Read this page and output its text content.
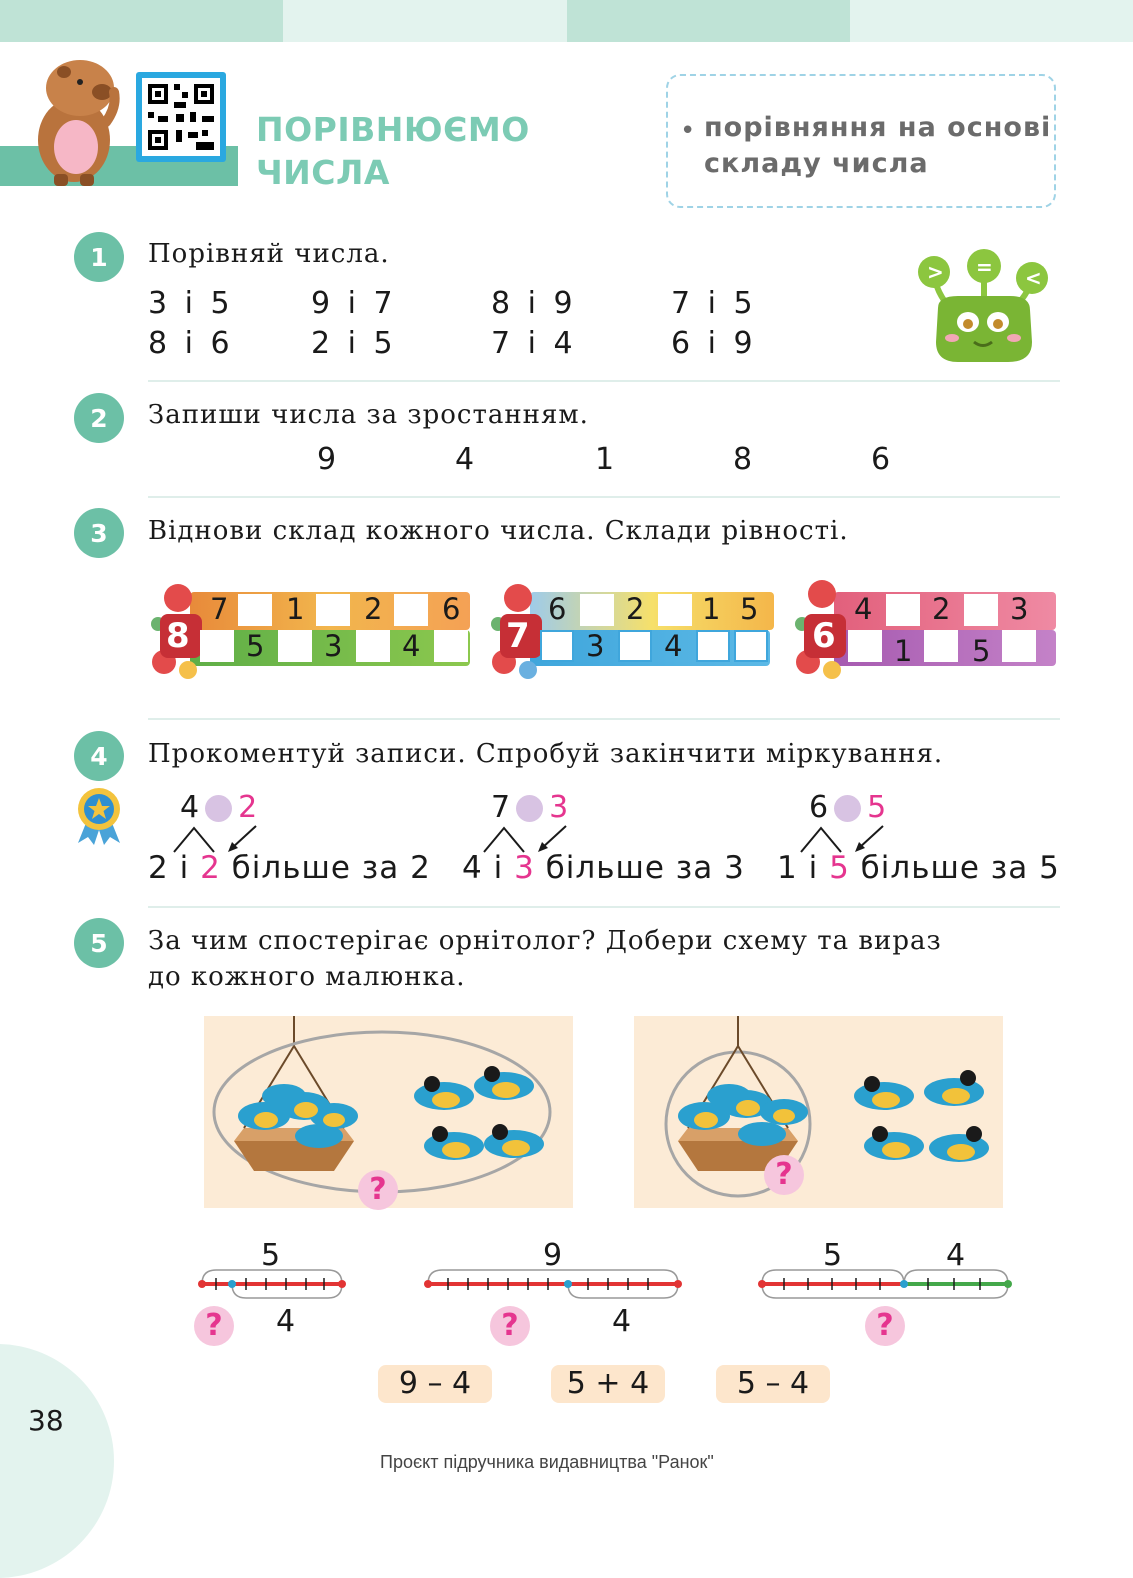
ПОРІВНЮЄМО
ЧИСЛА
• порівняння на основі
складу числа
1	Порівняй числа.
3 і 5	9 і 7	8 і 9	7 і 5
8 і 6	2 і 5	7 і 4	6 і 9
> = <
2	Запиши числа за зростанням.
9	4	1	8	6
3	Віднови склад кожного числа. Склади рівності.
8
7 1 2 6
5 3 4	7
6 2 1 5
3 4	6
4 2 3
1 5
4	Прокоментуй записи. Спробуй закінчити міркування.
4 2
2 і 2 більше за 2
7 3
4 і 3 більше за 3
6 5
1 і 5 більше за 5
5	За чим спостерігає орнітолог? Добери схему та вираз
до кожного малюнка.
?	?
5
?	4
9
?	4
5	4
?
9 – 4	5 + 4	5 – 4
38
Проєкт підручника видавництва "Ранок"
